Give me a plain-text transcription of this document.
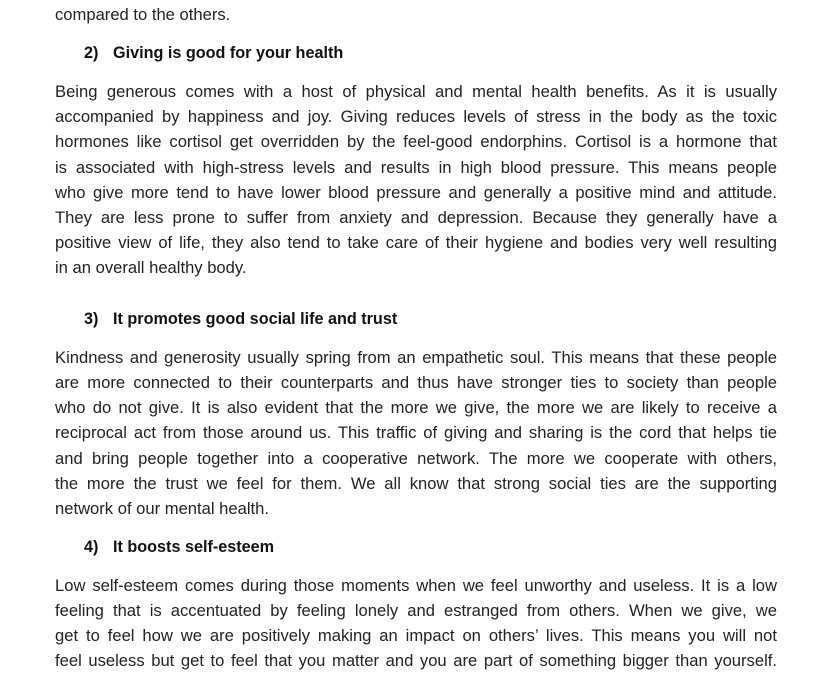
compared to the others.
2) Giving is good for your health
Being generous comes with a host of physical and mental health benefits. As it is usually
accompanied by happiness and joy. Giving reduces levels of stress in the body as the toxic
hormones like cortisol get overridden by the feel-good endorphins. Cortisol is a hormone that
is associated with high-stress levels and results in high blood pressure. This means people
who give more tend to have lower blood pressure and generally a positive mind and attitude.
They are less prone to suffer from anxiety and depression. Because they generally have a
positive view of life, they also tend to take care of their hygiene and bodies very well resulting
in an overall healthy body.
3) It promotes good social life and trust
Kindness and generosity usually spring from an empathetic soul. This means that these people
are more connected to their counterparts and thus have stronger ties to society than people
who do not give. It is also evident that the more we give, the more we are likely to receive a
reciprocal act from those around us. This traffic of giving and sharing is the cord that helps tie
and bring people together into a cooperative network. The more we cooperate with others,
the more the trust we feel for them. We all know that strong social ties are the supporting
network of our mental health.
4) It boosts self-esteem
Low self-esteem comes during those moments when we feel unworthy and useless. It is a low
feeling that is accentuated by feeling lonely and estranged from others. When we give, we
get to feel how we are positively making an impact on others’ lives. This means you will not
feel useless but get to feel that you matter and you are part of something bigger than yourself.
